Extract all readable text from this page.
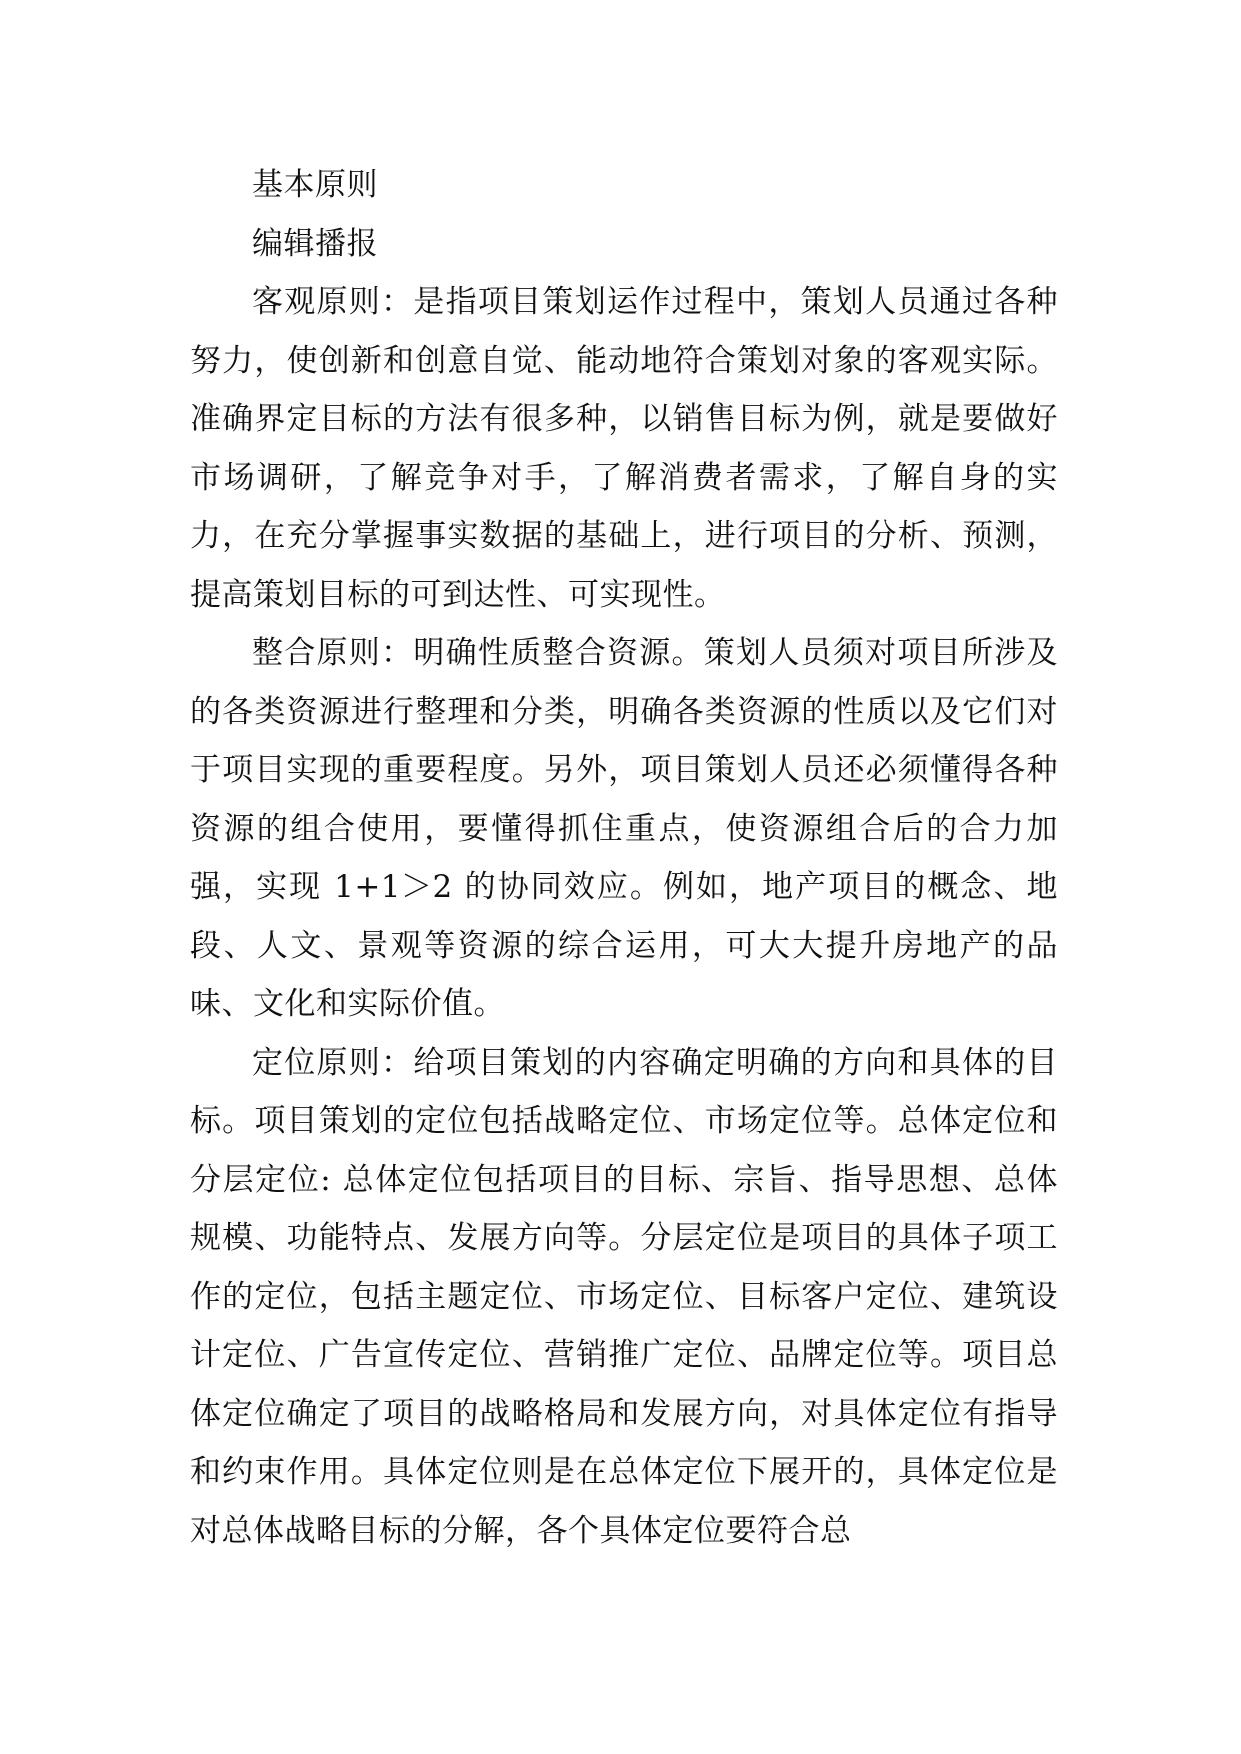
基本原则

编辑播报

客观原则：是指项目策划运作过程中，策划人员通过各种努力，使创新和创意自觉、能动地符合策划对象的客观实际。准确界定目标的方法有很多种，以销售目标为例，就是要做好市场调研，了解竞争对手，了解消费者需求，了解自身的实力，在充分掌握事实数据的基础上，进行项目的分析、预测，提高策划目标的可到达性、可实现性。

整合原则：明确性质整合资源。策划人员须对项目所涉及的各类资源进行整理和分类，明确各类资源的性质以及它们对于项目实现的重要程度。另外，项目策划人员还必须懂得各种资源的组合使用，要懂得抓住重点，使资源组合后的合力加强，实现 1+1＞2 的协同效应。例如，地产项目的概念、地段、人文、景观等资源的综合运用，可大大提升房地产的品味、文化和实际价值。

定位原则：给项目策划的内容确定明确的方向和具体的目标。项目策划的定位包括战略定位、市场定位等。总体定位和分层定位: 总体定位包括项目的目标、宗旨、指导思想、总体规模、功能特点、发展方向等。分层定位是项目的具体子项工作的定位，包括主题定位、市场定位、目标客户定位、建筑设计定位、广告宣传定位、营销推广定位、品牌定位等。项目总体定位确定了项目的战略格局和发展方向，对具体定位有指导和约束作用。具体定位则是在总体定位下展开的，具体定位是对总体战略目标的分解，各个具体定位要符合总
